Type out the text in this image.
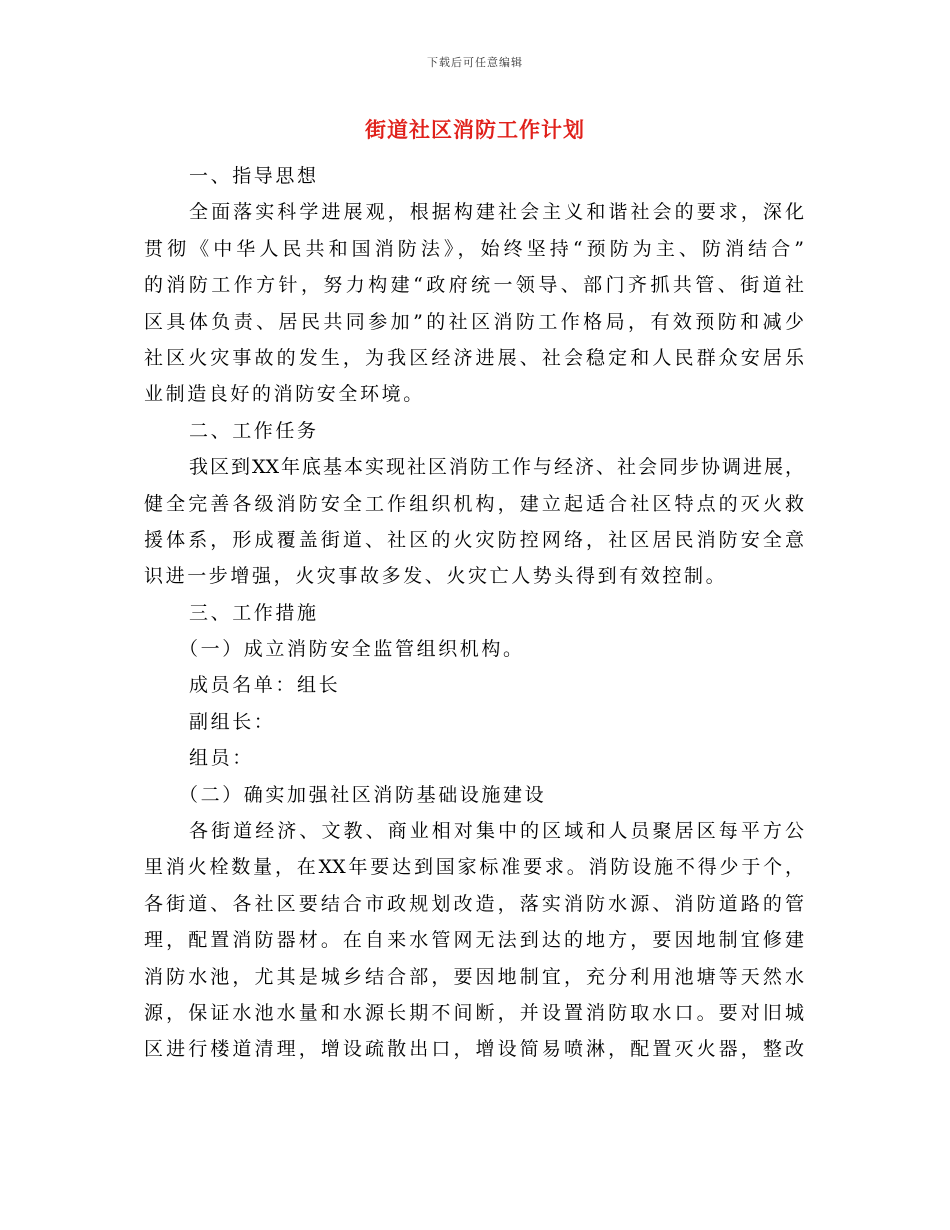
下载后可任意编辑
街道社区消防工作计划
一、指导思想
全面落实科学进展观，根据构建社会主义和谐社会的要求，深化
贯彻《中华人民共和国消防法》，始终坚持“预防为主、防消结合”
的消防工作方针，努力构建“政府统一领导、部门齐抓共管、街道社
区具体负责、居民共同参加”的社区消防工作格局，有效预防和减少
社区火灾事故的发生，为我区经济进展、社会稳定和人民群众安居乐
业制造良好的消防安全环境。
二、工作任务
我区到XX年底基本实现社区消防工作与经济、社会同步协调进展，
健全完善各级消防安全工作组织机构，建立起适合社区特点的灭火救
援体系，形成覆盖街道、社区的火灾防控网络，社区居民消防安全意
识进一步增强，火灾事故多发、火灾亡人势头得到有效控制。
三、工作措施
（一）成立消防安全监管组织机构。
成员名单：组长
副组长：
组员：
（二）确实加强社区消防基础设施建设
各街道经济、文教、商业相对集中的区域和人员聚居区每平方公
里消火栓数量，在XX年要达到国家标准要求。消防设施不得少于个，
各街道、各社区要结合市政规划改造，落实消防水源、消防道路的管
理，配置消防器材。在自来水管网无法到达的地方，要因地制宜修建
消防水池，尤其是城乡结合部，要因地制宜，充分利用池塘等天然水
源，保证水池水量和水源长期不间断，并设置消防取水口。要对旧城
区进行楼道清理，增设疏散出口，增设简易喷淋，配置灭火器，整改
